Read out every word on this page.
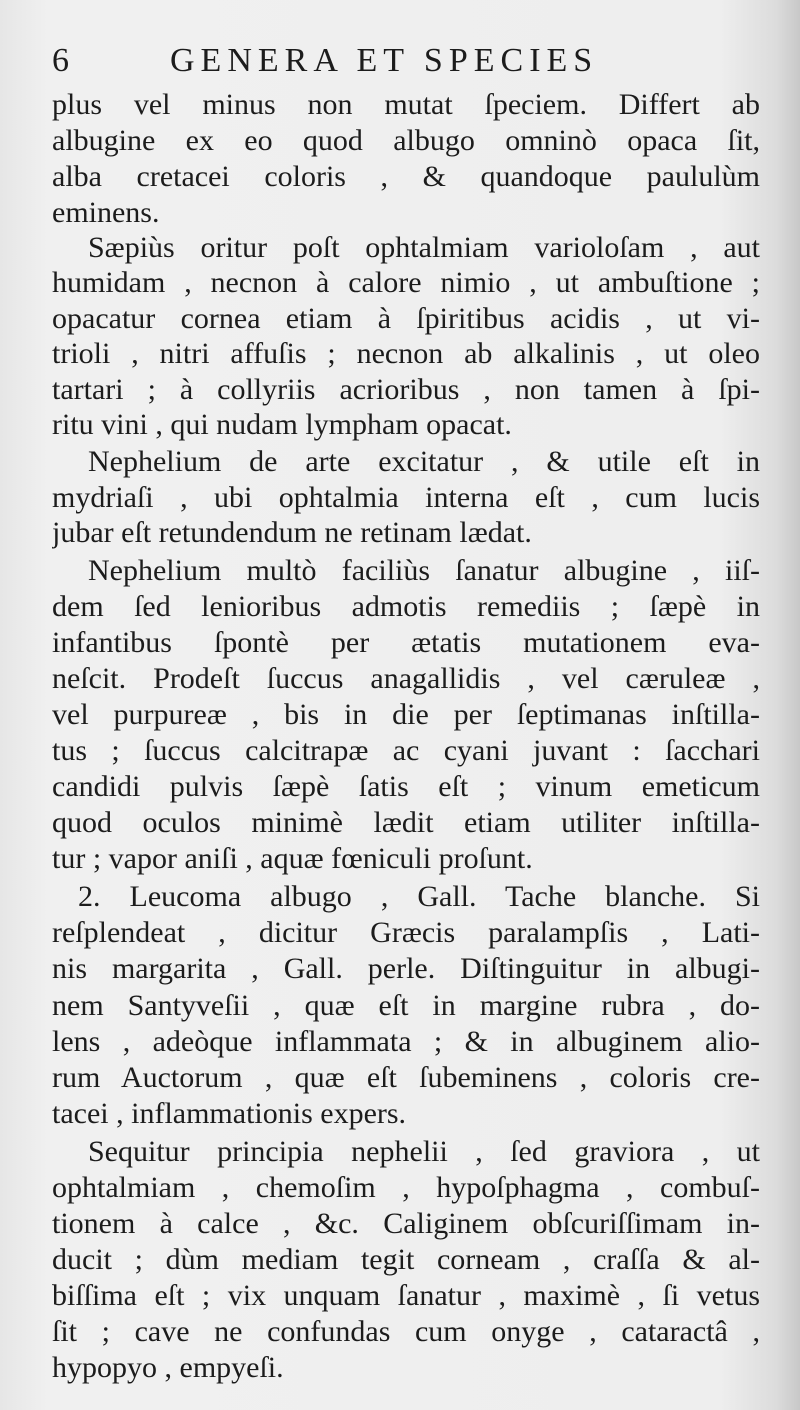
6	GENERA ET SPECIES
plus vel minus non mutat ſpeciem. Differt ab
albugine ex eo quod albugo omninò opaca ſit,
alba cretacei coloris , & quandoque paululùm
eminens.
Sæpiùs oritur poſt ophtalmiam varioloſam , aut
humidam , necnon à calore nimio , ut ambuſtione ;
opacatur cornea etiam à ſpiritibus acidis , ut vi-
trioli , nitri affuſis ; necnon ab alkalinis , ut oleo
tartari ; à collyriis acrioribus , non tamen à ſpi-
ritu vini , qui nudam lympham opacat.
Nephelium de arte excitatur , & utile eſt in
mydriaſi , ubi ophtalmia interna eſt , cum lucis
jubar eſt retundendum ne retinam lædat.
Nephelium multò faciliùs ſanatur albugine , iiſ-
dem ſed lenioribus admotis remediis ; ſæpè in
infantibus ſpontè per ætatis mutationem eva-
neſcit. Prodeſt ſuccus anagallidis , vel cæruleæ ,
vel purpureæ , bis in die per ſeptimanas inſtilla-
tus ; ſuccus calcitrapæ ac cyani juvant : ſacchari
candidi pulvis ſæpè ſatis eſt ; vinum emeticum
quod oculos minimè lædit etiam utiliter inſtilla-
tur ; vapor aniſi , aquæ fœniculi proſunt.
2. Leucoma albugo , Gall. Tache blanche. Si
reſplendeat , dicitur Græcis paralampſis , Lati-
nis margarita , Gall. perle. Diſtinguitur in albugi-
nem Santyveſii , quæ eſt in margine rubra , do-
lens , adeòque inflammata ; & in albuginem alio-
rum Auctorum , quæ eſt ſubeminens , coloris cre-
tacei , inflammationis expers.
Sequitur principia nephelii , ſed graviora , ut
ophtalmiam , chemoſim , hypoſphagma , combuſ-
tionem à calce , &c. Caliginem obſcuriſſimam in-
ducit ; dùm mediam tegit corneam , craſſa & al-
biſſima eſt ; vix unquam ſanatur , maximè , ſi vetus
ſit ; cave ne confundas cum onyge , cataractâ ,
hypopyo , empyeſi.
